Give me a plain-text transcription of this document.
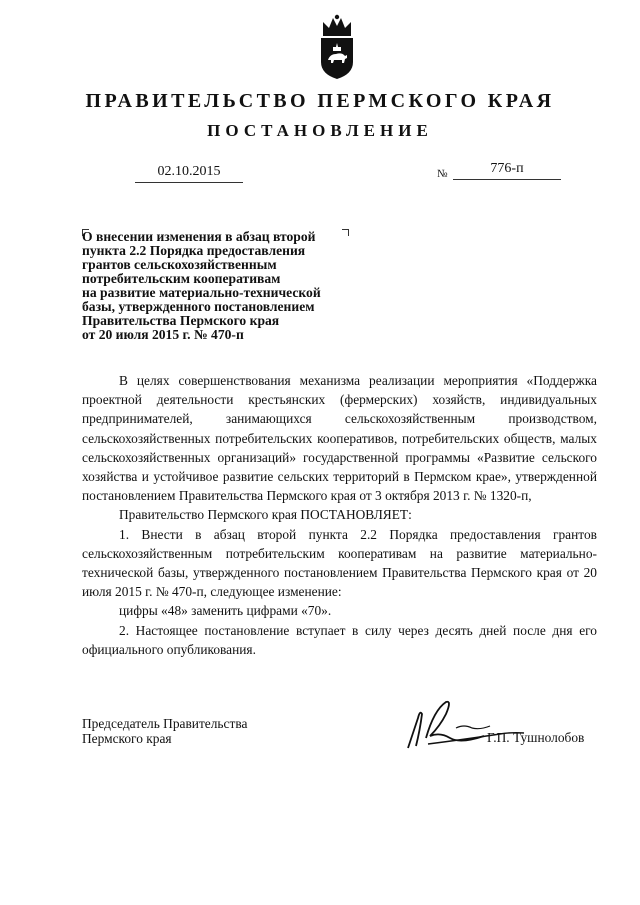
ПРАВИТЕЛЬСТВО ПЕРМСКОГО КРАЯ
ПОСТАНОВЛЕНИЕ
02.10.2015	№	776-п
О внесении изменения в абзац второй
пункта 2.2 Порядка предоставления
грантов сельскохозяйственным
потребительским кооперативам
на развитие материально-технической
базы, утвержденного постановлением
Правительства Пермского края
от 20 июля 2015 г. № 470-п

В целях совершенствования механизма реализации мероприятия «Поддержка проектной деятельности крестьянских (фермерских) хозяйств, индивидуальных предпринимателей, занимающихся сельскохозяйственным производством, сельскохозяйственных потребительских кооперативов, потребительских обществ, малых сельскохозяйственных организаций» государственной программы «Развитие сельского хозяйства и устойчивое развитие сельских территорий в Пермском крае», утвержденной постановлением Правительства Пермского края от 3 октября 2013 г. № 1320-п,

Правительство Пермского края ПОСТАНОВЛЯЕТ:

1. Внести в абзац второй пункта 2.2 Порядка предоставления грантов сельскохозяйственным потребительским кооперативам на развитие материально-технической базы, утвержденного постановлением Правительства Пермского края от 20 июля 2015 г. № 470-п, следующее изменение:

цифры «48» заменить цифрами «70».

2. Настоящее постановление вступает в силу через десять дней после дня его официального опубликования.

Председатель Правительства
Пермского края	Г.П. Тушнолобов
